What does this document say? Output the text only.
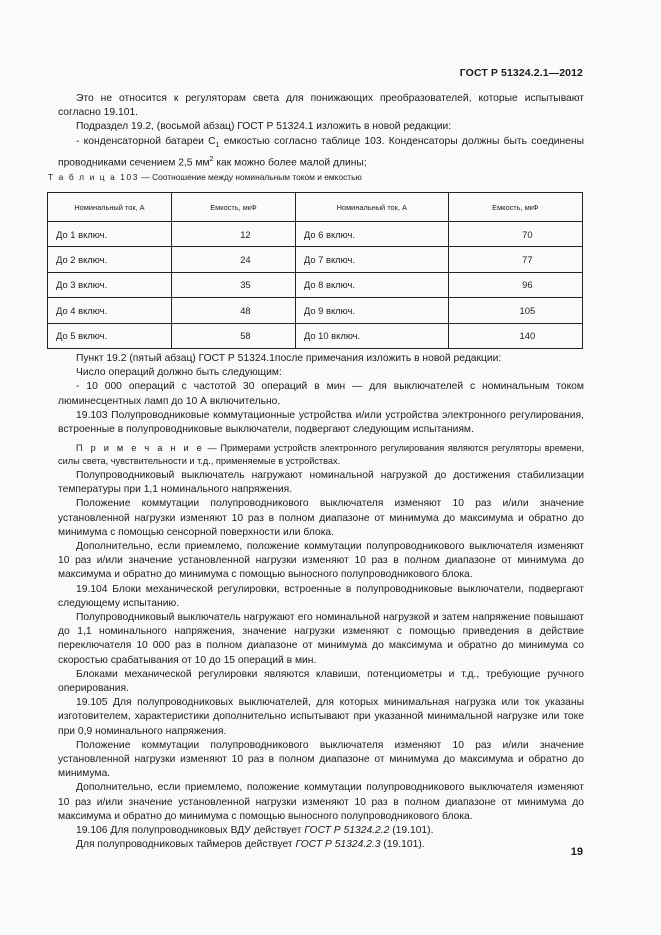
ГОСТ Р 51324.2.1—2012

Это не относится к регуляторам света для понижающих преобразователей, которые испытывают согласно 19.101.

Подраздел 19.2, (восьмой абзац) ГОСТ Р 51324.1 изложить в новой редакции:

- конденсаторной батареи $C_1$ емкостью согласно таблице 103. Конденсаторы должны быть соединены проводниками сечением 2,5 $мм^2$ как можно более малой длины;

Т а б л и ц а 103 — Соотношение между номинальным током и емкостью
Номинальный ток, А	Емкость, мкФ	Номинальный ток, А	Емкость, мкФ
До 1 включ.	12	До 6 включ.	70
До 2 включ.	24	До 7 включ.	77
До 3 включ.	35	До 8 включ.	96
До 4 включ.	48	До 9 включ.	105
До 5 включ.	58	До 10 включ.	140

Пункт 19.2 (пятый абзац) ГОСТ Р 51324.1после примечания изложить в новой редакции:

Число операций должно быть следующим:

- 10 000 операций с частотой 30 операций в мин — для выключателей с номинальным током люминесцентных ламп до 10 А включительно.

19.103 Полупроводниковые коммутационные устройства и/или устройства электронного регулирования, встроенные в полупроводниковые выключатели, подвергают следующим испытаниям.

П р и м е ч а н и е — Примерами устройств электронного регулирования являются регуляторы времени, силы света, чувствительности и т.д., применяемые в устройствах.

Полупроводниковый выключатель нагружают номинальной нагрузкой до достижения стабилизации температуры при 1,1 номинального напряжения.

Положение коммутации полупроводникового выключателя изменяют 10 раз и/или значение установленной нагрузки изменяют 10 раз в полном диапазоне от минимума до максимума и обратно до минимума с помощью сенсорной поверхности или блока.

Дополнительно, если приемлемо, положение коммутации полупроводникового выключателя изменяют 10 раз и/или значение установленной нагрузки изменяют 10 раз в полном диапазоне от минимума до максимума и обратно до минимума с помощью выносного полупроводникового блока.

19.104 Блоки механической регулировки, встроенные в полупроводниковые выключатели, подвергают следующему испытанию.

Полупроводниковый выключатель нагружают его номинальной нагрузкой и затем напряжение повышают до 1,1 номинального напряжения, значение нагрузки изменяют с помощью приведения в действие переключателя 10 000 раз в полном диапазоне от минимума до максимума и обратно до минимума со скоростью срабатывания от 10 до 15 операций в мин.

Блоками механической регулировки являются клавиши, потенциометры и т.д., требующие ручного оперирования.

19.105 Для полупроводниковых выключателей, для которых минимальная нагрузка или ток указаны изготовителем, характеристики дополнительно испытывают при указанной минимальной нагрузке или токе при 0,9 номинального напряжения.

Положение коммутации полупроводникового выключателя изменяют 10 раз и/или значение установленной нагрузки изменяют 10 раз в полном диапазоне от минимума до максимума и обратно до минимума.

Дополнительно, если приемлемо, положение коммутации полупроводникового выключателя изменяют 10 раз и/или значение установленной нагрузки изменяют 10 раз в полном диапазоне от минимума до максимума и обратно до минимума с помощью выносного полупроводникового блока.

19.106 Для полупроводниковых ВДУ действует ГОСТ Р 51324.2.2 (19.101).

Для полупроводниковых таймеров действует ГОСТ Р 51324.2.3 (19.101).

19
